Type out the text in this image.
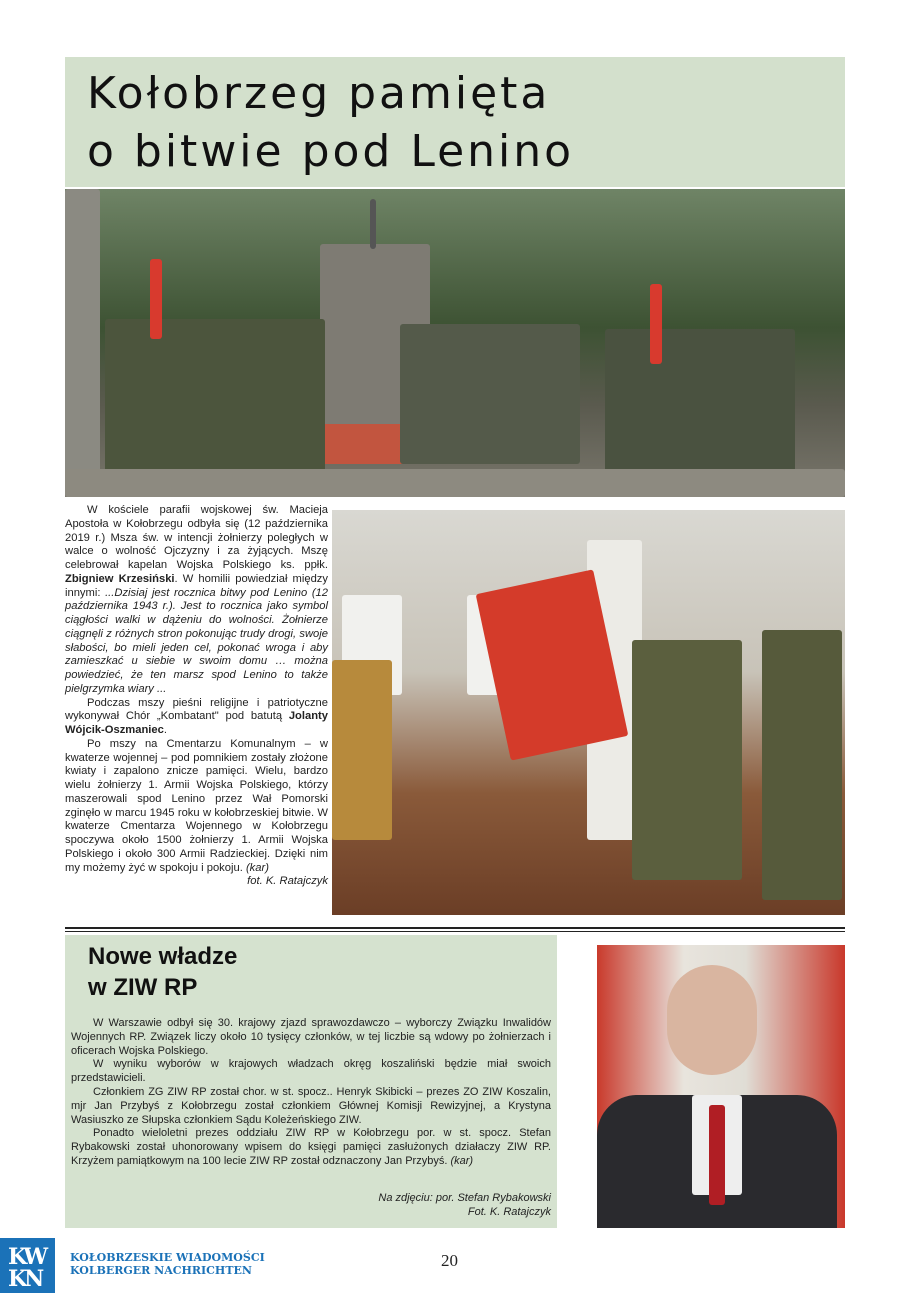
Kołobrzeg pamięta
o bitwie pod Lenino

W kościele parafii wojskowej św. Macieja Apostoła w Kołobrzegu odbyła się (12 października 2019 r.) Msza św. w intencji żołnierzy poległych w walce o wolność Ojczyzny i za żyjących. Mszę celebrował kapelan Wojska Polskiego ks. ppłk. Zbigniew Krzesiński. W homilii powiedział między innymi: ...Dzisiaj jest rocznica bitwy pod Lenino (12 października 1943 r.). Jest to rocznica jako symbol ciągłości walki w dążeniu do wolności. Żołnierze ciągnęli z różnych stron pokonując trudy drogi, swoje słabości, bo mieli jeden cel, pokonać wroga i aby zamieszkać u siebie w swoim domu … można powiedzieć, że ten marsz spod Lenino to także pielgrzymka wiary ...

Podczas mszy pieśni religijne i patriotyczne wykonywał Chór „Kombatant" pod batutą Jolanty Wójcik-Oszmaniec.

Po mszy na Cmentarzu Komunalnym – w kwaterze wojennej – pod pomnikiem zostały złożone kwiaty i zapalono znicze pamięci. Wielu, bardzo wielu żołnierzy 1. Armii Wojska Polskiego, którzy maszerowali spod Lenino przez Wał Pomorski zginęło w marcu 1945 roku w kołobrzeskiej bitwie. W kwaterze Cmentarza Wojennego w Kołobrzegu spoczywa około 1500 żołnierzy 1. Armii Wojska Polskiego i około 300 Armii Radzieckiej. Dzięki nim my możemy żyć w spokoju i pokoju. (kar)

fot. K. Ratajczyk
Nowe władze
w ZIW RP

W Warszawie odbył się 30. krajowy zjazd sprawozdawczo – wyborczy Związku Inwalidów Wojennych RP. Związek liczy około 10 tysięcy członków, w tej liczbie są wdowy po żołnierzach i oficerach Wojska Polskiego.

W wyniku wyborów w krajowych władzach okręg koszaliński będzie miał swoich przedstawicieli.

Członkiem ZG ZIW RP został chor. w st. spocz.. Henryk Skibicki – prezes ZO ZIW Koszalin, mjr Jan Przybyś z Kołobrzegu został członkiem Głównej Komisji Rewizyjnej, a Krystyna Wasiuszko ze Słupska członkiem Sądu Koleżeńskiego ZIW.

Ponadto wieloletni prezes oddziału ZIW RP w Kołobrzegu por. w st. spocz. Stefan Rybakowski został uhonorowany wpisem do księgi pamięci zasłużonych działaczy ZIW RP. Krzyżem pamiątkowym na 100 lecie ZIW RP został odznaczony Jan Przybyś. (kar)

Na zdjęciu: por. Stefan Rybakowski
Fot. K. Ratajczyk
KW KN
KOŁOBRZESKIE WIADOMOŚCI
KOLBERGER NACHRICHTEN
20
